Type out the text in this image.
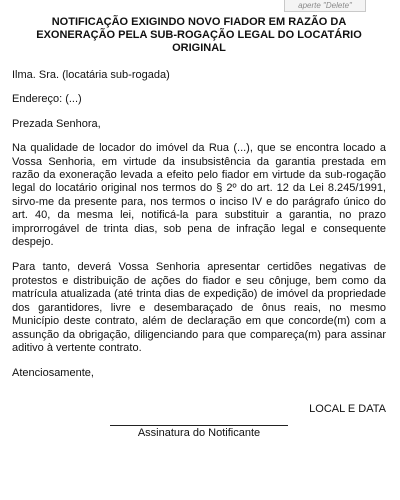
aperte "Delete"
NOTIFICAÇÃO EXIGINDO NOVO FIADOR EM RAZÃO DA EXONERAÇÃO PELA SUB-ROGAÇÃO LEGAL DO LOCATÁRIO ORIGINAL
Ilma. Sra. (locatária sub-rogada)
Endereço: (...)
Prezada Senhora,
Na qualidade de locador do imóvel da Rua (...), que se encontra locado a Vossa Senhoria, em virtude da insubsistência da garantia prestada em razão da exoneração levada a efeito pelo fiador em virtude da sub-rogação legal do locatário original nos termos do § 2º do art. 12 da Lei 8.245/1991, sirvo-me da presente para, nos termos o inciso IV e do parágrafo único do art. 40, da mesma lei, notificá-la para substituir a garantia, no prazo improrrogável de trinta dias, sob pena de infração legal e consequente despejo.
Para tanto, deverá Vossa Senhoria apresentar certidões negativas de protestos e distribuição de ações do fiador e seu cônjuge, bem como da matrícula atualizada (até trinta dias de expedição) de imóvel da propriedade dos garantidores, livre e desembaraçado de ônus reais, no mesmo Município deste contrato, além de declaração em que concorde(m) com a assunção da obrigação, diligenciando para que compareça(m) para assinar aditivo à vertente contrato.
Atenciosamente,
LOCAL E DATA
Assinatura do Notificante
